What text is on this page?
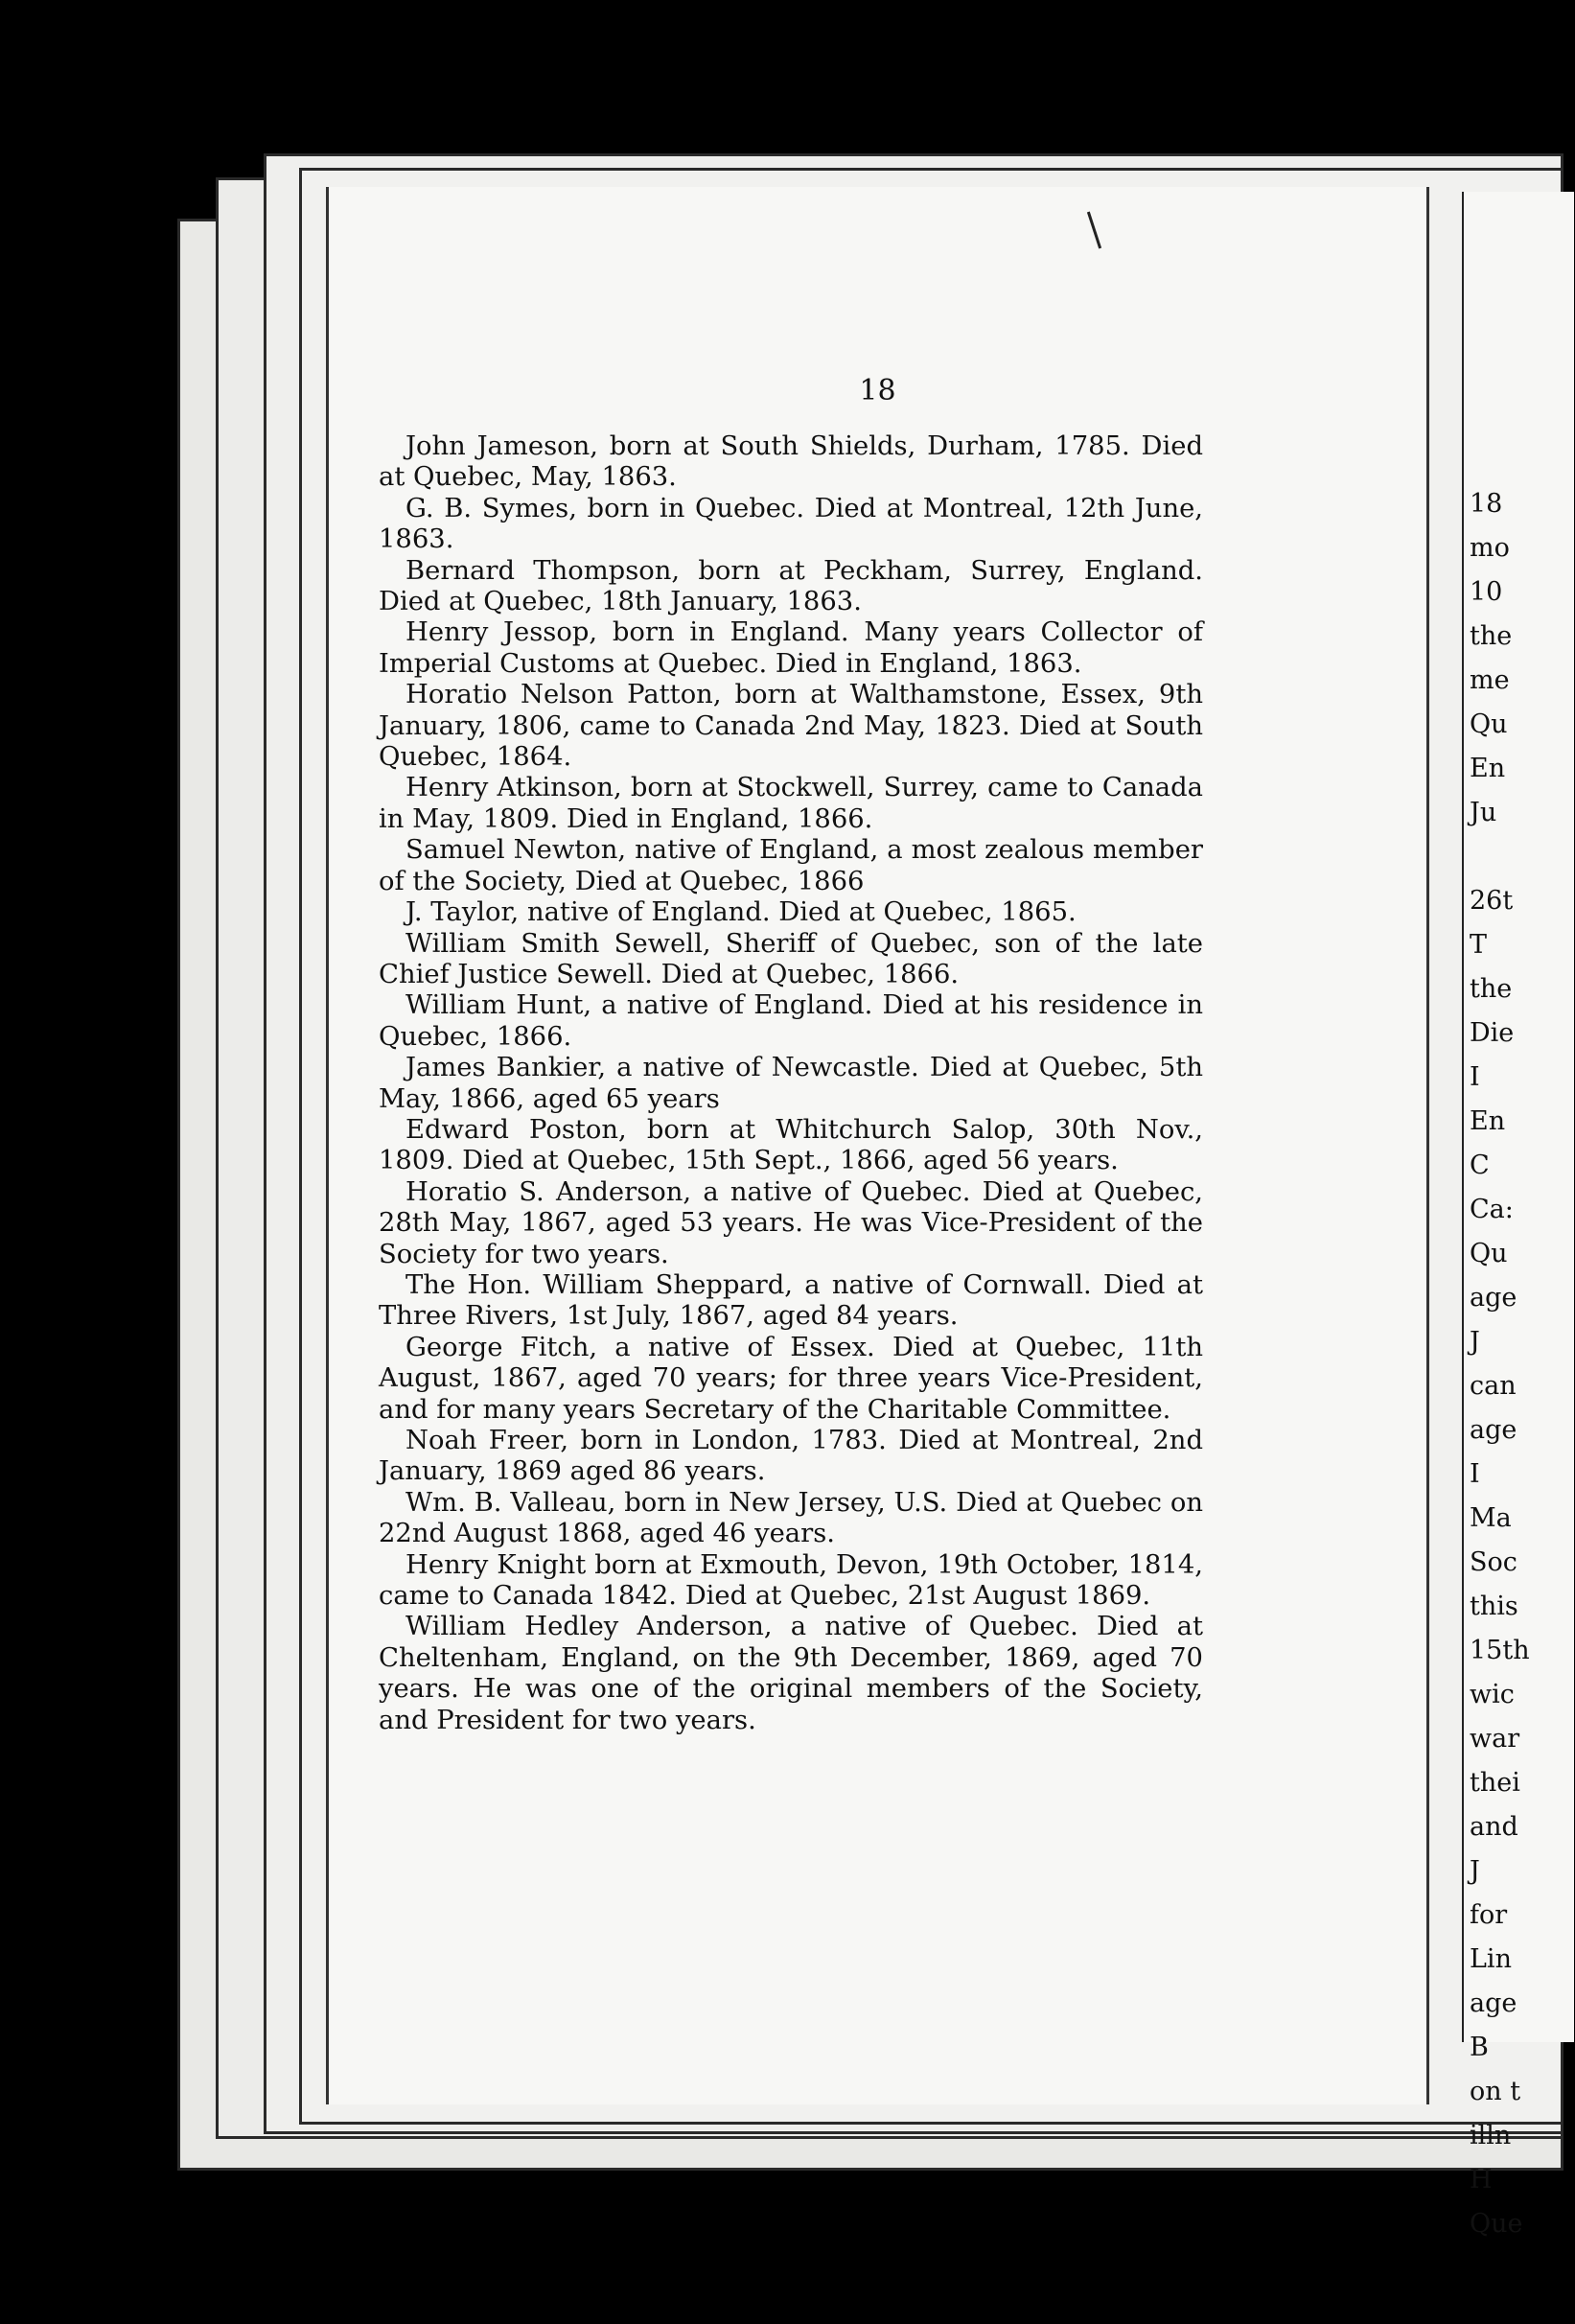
18

John Jameson, born at South Shields, Durham, 1785. Died at Quebec, May, 1863.

G. B. Symes, born in Quebec. Died at Montreal, 12th June, 1863.

Bernard Thompson, born at Peckham, Surrey, England. Died at Quebec, 18th January, 1863.

Henry Jessop, born in England. Many years Collector of Imperial Customs at Quebec. Died in England, 1863.

Horatio Nelson Patton, born at Walthamstone, Essex, 9th January, 1806, came to Canada 2nd May, 1823. Died at South Quebec, 1864.

Henry Atkinson, born at Stockwell, Surrey, came to Canada in May, 1809. Died in England, 1866.

Samuel Newton, native of England, a most zealous member of the Society, Died at Quebec, 1866

J. Taylor, native of England. Died at Quebec, 1865.

William Smith Sewell, Sheriff of Quebec, son of the late Chief Justice Sewell. Died at Quebec, 1866.

William Hunt, a native of England. Died at his residence in Quebec, 1866.

James Bankier, a native of Newcastle. Died at Quebec, 5th May, 1866, aged 65 years

Edward Poston, born at Whitchurch Salop, 30th Nov., 1809. Died at Quebec, 15th Sept., 1866, aged 56 years.

Horatio S. Anderson, a native of Quebec. Died at Quebec, 28th May, 1867, aged 53 years. He was Vice-President of the Society for two years.

The Hon. William Sheppard, a native of Cornwall. Died at Three Rivers, 1st July, 1867, aged 84 years.

George Fitch, a native of Essex. Died at Quebec, 11th August, 1867, aged 70 years; for three years Vice-President, and for many years Secretary of the Charitable Committee.

Noah Freer, born in London, 1783. Died at Montreal, 2nd January, 1869 aged 86 years.

Wm. B. Valleau, born in New Jersey, U.S. Died at Quebec on 22nd August 1868, aged 46 years.

Henry Knight born at Exmouth, Devon, 19th October, 1814, came to Canada 1842. Died at Quebec, 21st August 1869.

William Hedley Anderson, a native of Quebec. Died at Cheltenham, England, on the 9th December, 1869, aged 70 years. He was one of the original members of the Society, and President for two years.

18
mo
10
the
me
Qu
En
Ju
26t
T
the
Die
I
En
C
Ca:
Qu
age
J
can
age
I
Ma
Soc
this
15th
wic
war
thei
and
J
for
Lin
age
B
on t
illn
H
Que
